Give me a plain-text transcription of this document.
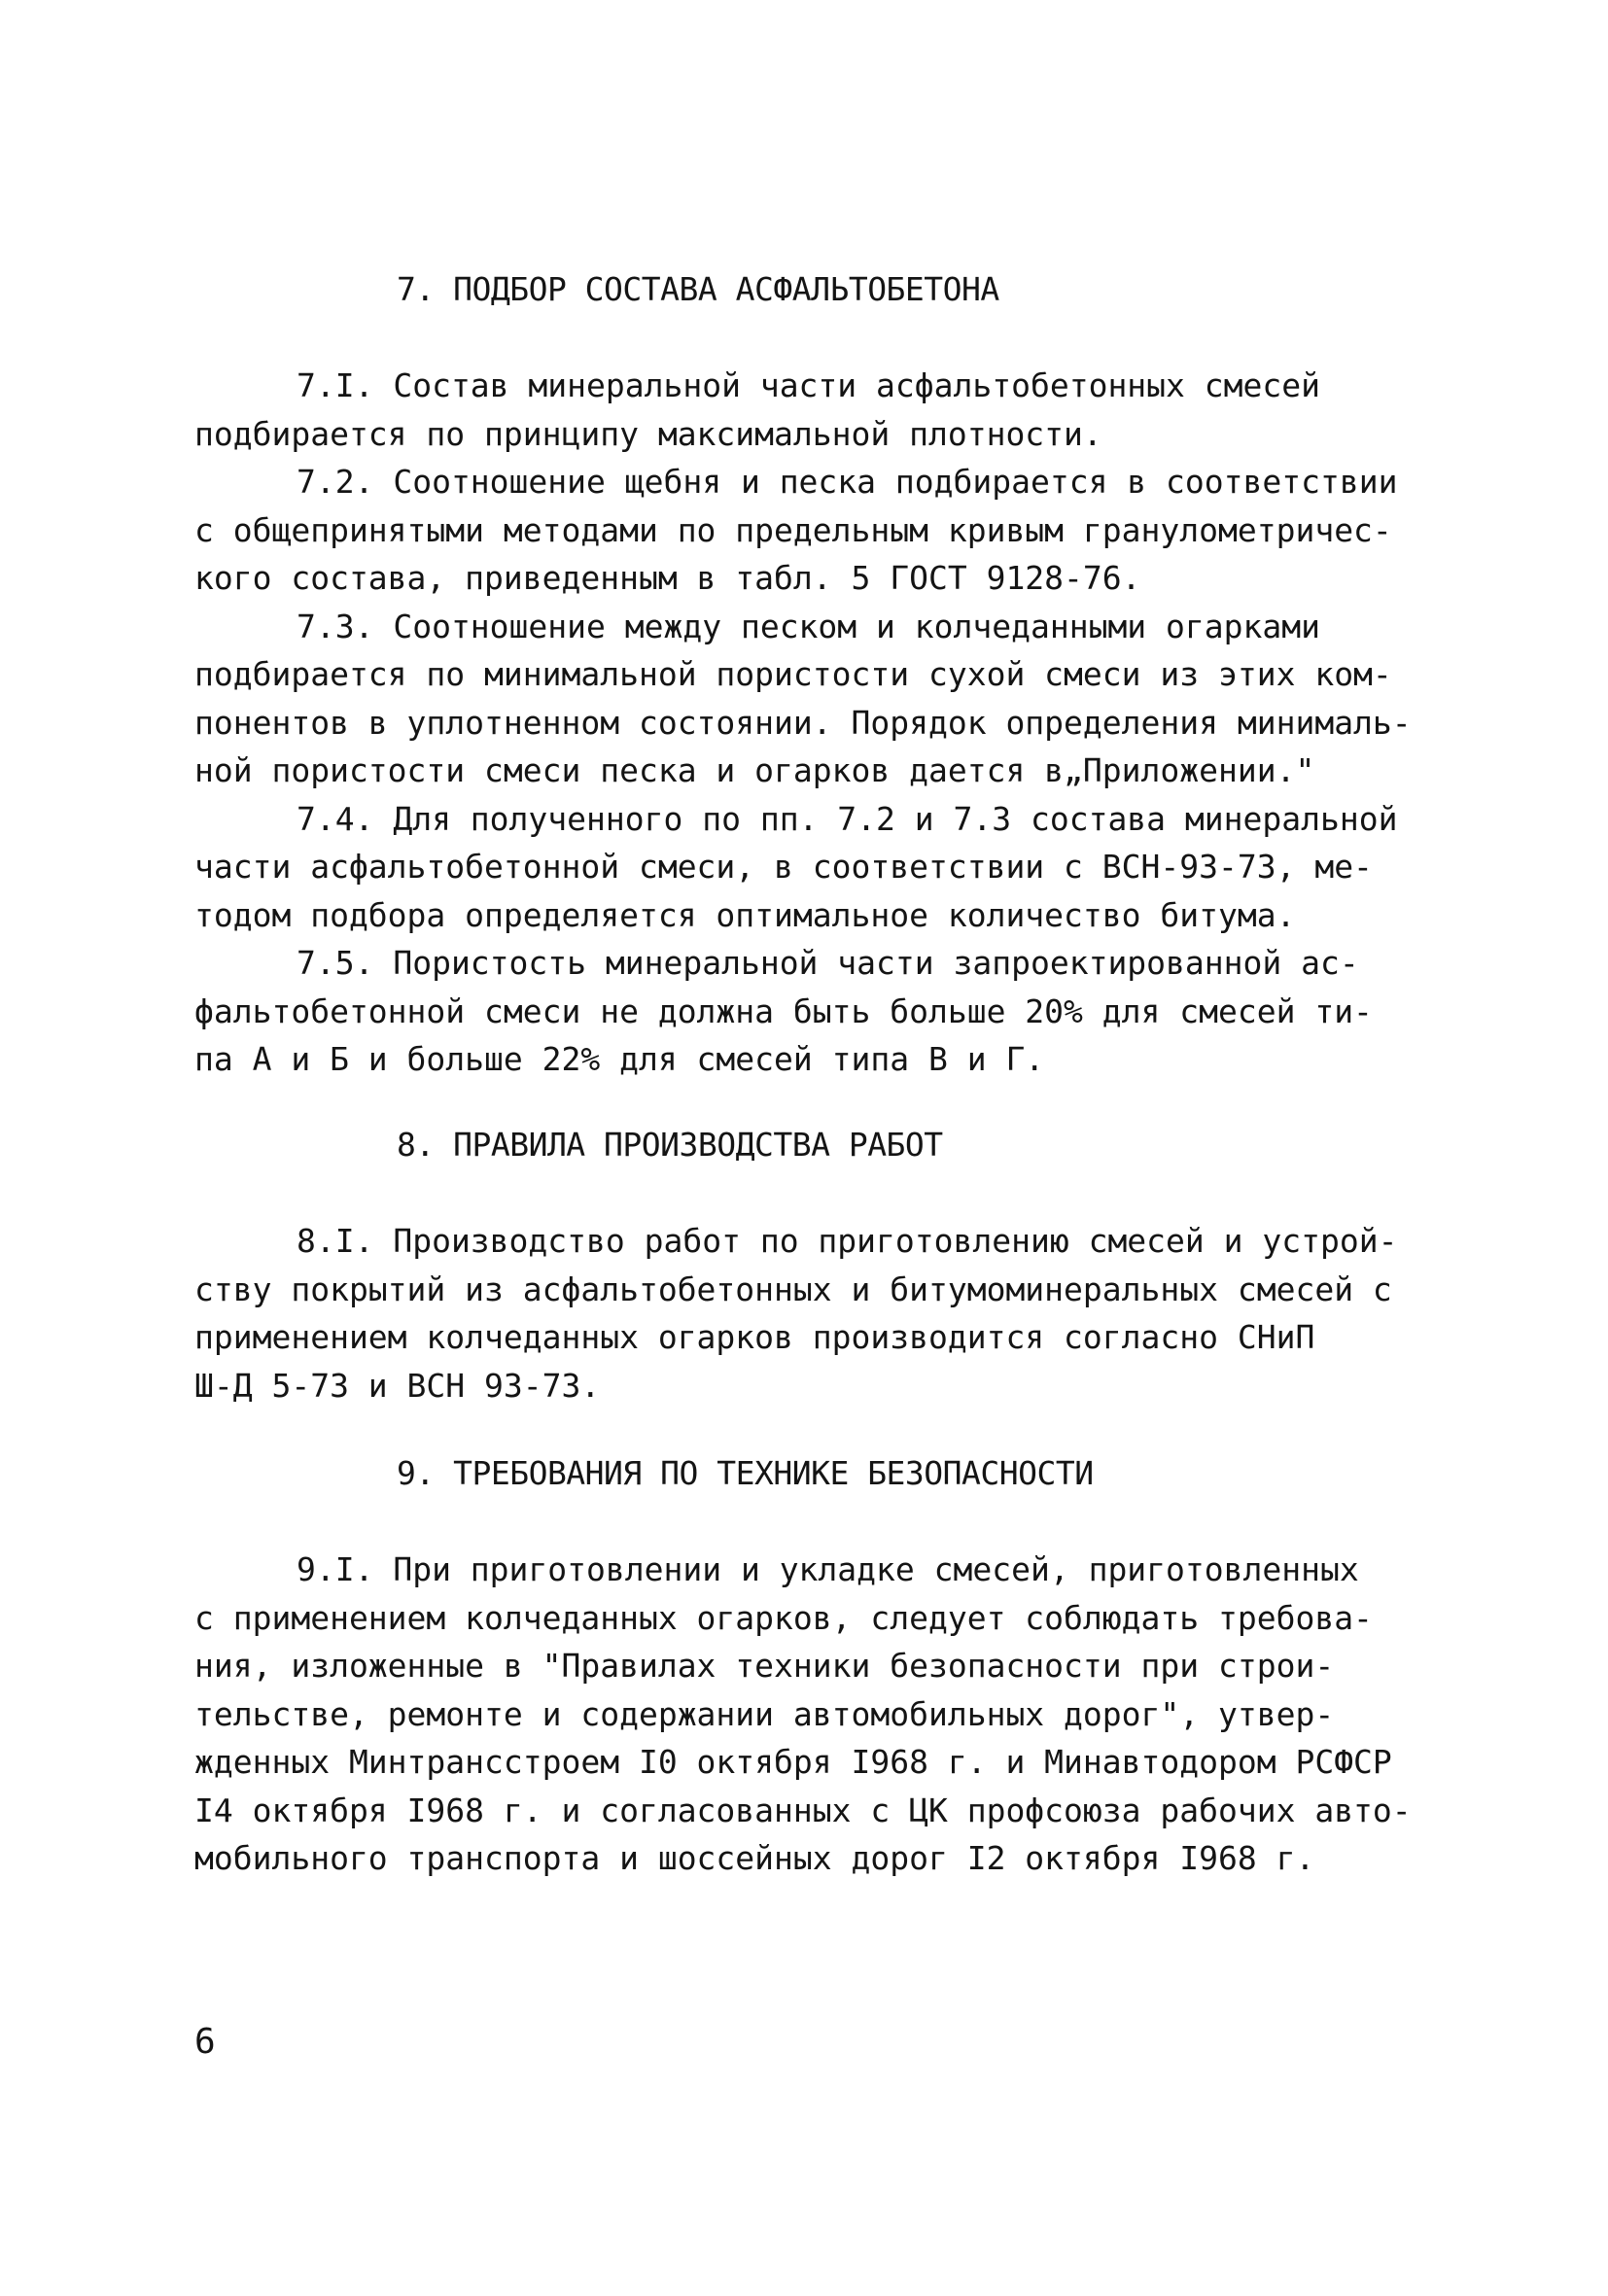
7. ПОДБОР СОСТАВА АСФАЛЬТОБЕТОНА
7.I. Состав минеральной части асфальтобетонных смесей
подбирается по принципу максимальной плотности.
7.2. Соотношение щебня и песка подбирается в соответствии
с общепринятыми методами по предельным кривым гранулометричес-
кого состава, приведенным в табл. 5 ГОСТ 9128-76.
7.3. Соотношение между песком и колчеданными огарками
подбирается по минимальной пористости сухой смеси из этих ком-
понентов в уплотненном состоянии. Порядок определения минималь-
ной пористости смеси песка и огарков дается в„Приложении."
7.4. Для полученного по пп. 7.2 и 7.3 состава минеральной
части асфальтобетонной смеси, в соответствии с ВСН-93-73, ме-
тодом подбора определяется оптимальное количество битума.
7.5. Пористость минеральной части запроектированной ас-
фальтобетонной смеси не должна быть больше 20% для смесей ти-
па А и Б и больше 22% для смесей типа В и Г.
8. ПРАВИЛА ПРОИЗВОДСТВА РАБОТ
8.I. Производство работ по приготовлению смесей и устрой-
ству покрытий из асфальтобетонных и битумоминеральных смесей с
применением колчеданных огарков производится согласно СНиП
Ш-Д 5-73 и ВСН 93-73.
9. ТРЕБОВАНИЯ ПО ТЕХНИКЕ БЕЗОПАСНОСТИ
9.I. При приготовлении и укладке смесей, приготовленных
с применением колчеданных огарков, следует соблюдать требова-
ния, изложенные в "Правилах техники безопасности при строи-
тельстве, ремонте и содержании автомобильных дорог", утвер-
жденных Минтрансстроем I0 октября I968 г. и Минавтодором РСФСР
I4 октября I968 г. и согласованных с ЦК профсоюза рабочих авто-
мобильного транспорта и шоссейных дорог I2 октября I968 г.
6
